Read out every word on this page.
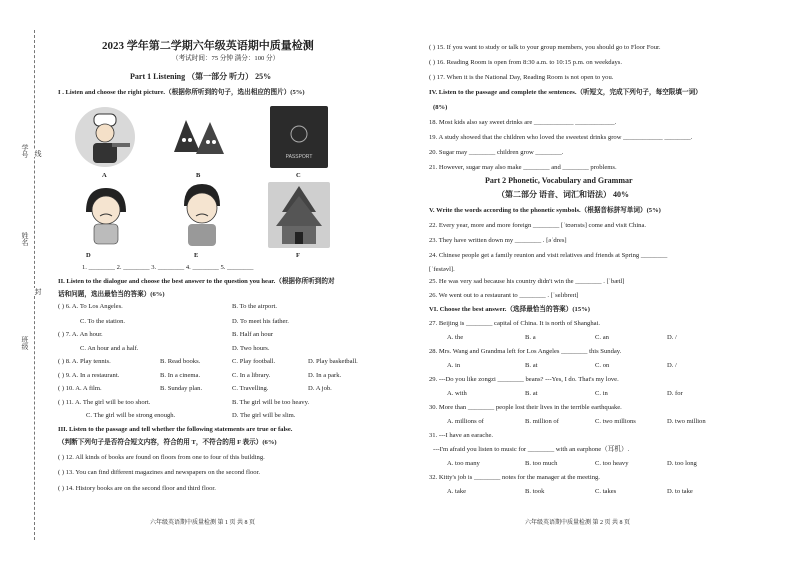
学号 线
姓名
封
班级
2023 学年第二学期六年级英语期中质量检测
（考试时间：75 分钟 满分：100 分）
Part 1 Listening （第一部分 听力） 25%
I . Listen and choose the right picture.（根据你所听到的句子，选出相应的图片）(5%)
A	B
PASSPORT
C
D	E	F
1. ________ 2. ________ 3. ________ 4. ________ 5. ________
II. Listen to the dialogue and choose the best answer to the question you hear.（根据你所听到的对
话和问题，选出最恰当的答案）(6%)
( ) 6. A. To Los Angeles.	B. To the airport.
C. To the station.	D. To meet his father.
( ) 7. A. An hour.	B. Half an hour
C. An hour and a half.	D. Two hours.
( ) 8. A. Play tennis.	B. Read books.	C. Play football.	D. Play basketball.
( ) 9. A. In a restaurant.	B. In a cinema.	C. In a library.	D. In a park.
( ) 10. A. A film.	B. Sunday plan.	C. Travelling.	D. A job.
( ) 11. A. The girl will be too short.	B. The girl will be too heavy.
C. The girl will be strong enough.	D. The girl will be slim.
III. Listen to the passage and tell whether the following statements are true or false.
（判断下列句子是否符合短文内容，符合的用 T，不符合的用 F 表示）(6%)
( ) 12. All kinds of books are found on floors from one to four of this building.
( ) 13. You can find different magazines and newspapers on the second floor.
( ) 14. History books are on the second floor and third floor.
六年级英语期中质量检测 第 1 页 共 8 页
( ) 15. If you want to study or talk to your group members, you should go to Floor Four.
( ) 16. Reading Room is open from 8:30 a.m. to 10:15 p.m. on weekdays.
( ) 17. When it is the National Day, Reading Room is not open to you.
IV. Listen to the passage and complete the sentences.（听短文，完成下列句子，每空限填一词）
(8%)
18. Most kids also say sweet drinks are ____________ ____________.
19. A study showed that the children who loved the sweetest drinks grow ____________ ________.
20. Sugar may ________ children grow ________.
21. However, sugar may also make ________ and ________ problems.
Part 2 Phonetic, Vocabulary and Grammar
（第二部分 语音、词汇和语法） 40%
V. Write the words according to the phonetic symbols.（根据音标拼写单词）(5%)
22. Every year, more and more foreign ________ [ˈtʊərɪsts] come and visit China.
23. They have written down my ________ . [əˈdres]
24. Chinese people get a family reunion and visit relatives and friends at Spring ________
[ˈfestəvl].
25. He was very sad because his country didn't win the ________ . [ˈbætl]
26. We went out to a restaurant to ________ . [ˈselɪbreɪt]
VI. Choose the best answer.（选择最恰当的答案）(15%)
27. Beijing is ________ capital of China. It is north of Shanghai.
A. the	B. a	C. an	D. /
28. Mrs. Wang and Grandma left for Los Angeles ________ this Sunday.
A. in	B. at	C. on	D. /
29. ---Do you like zongzi ________ beans? ---Yes, I do. That's my love.
A. with	B. at	C. in	D. for
30. More than ________ people lost their lives in the terrible earthquake.
A. millions of	B. million of	C. two millions	D. two million
31. ---I have an earache.
---I'm afraid you listen to music for ________ with an earphone（耳机）.
A. too many	B. too much	C. too heavy	D. too long
32. Kitty's job is ________ notes for the manager at the meeting.
A. take	B. took	C. takes	D. to take
六年级英语期中质量检测 第 2 页 共 8 页
